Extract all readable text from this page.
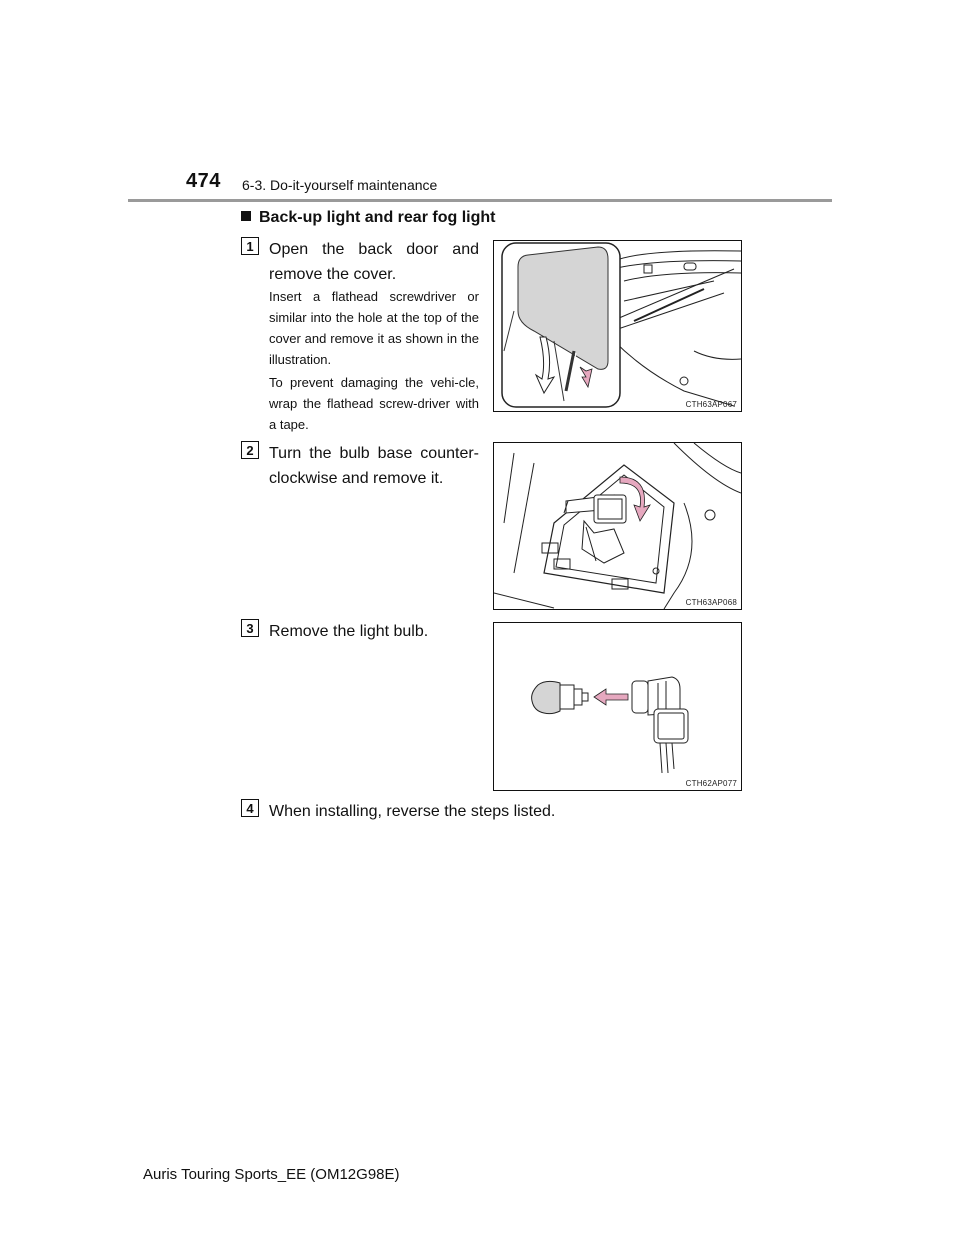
474 6-3. Do-it-yourself maintenance
Back-up light and rear fog light
1 Open the back door and remove the cover.
Insert a flathead screwdriver or similar into the hole at the top of the cover and remove it as shown in the illustration.
To prevent damaging the vehi-cle, wrap the flathead screw-driver with a tape.
CTH63AP067
2 Turn the bulb base counter-clockwise and remove it.
CTH63AP068
3 Remove the light bulb.
CTH62AP077
4 When installing, reverse the steps listed.
Auris Touring Sports_EE (OM12G98E)
